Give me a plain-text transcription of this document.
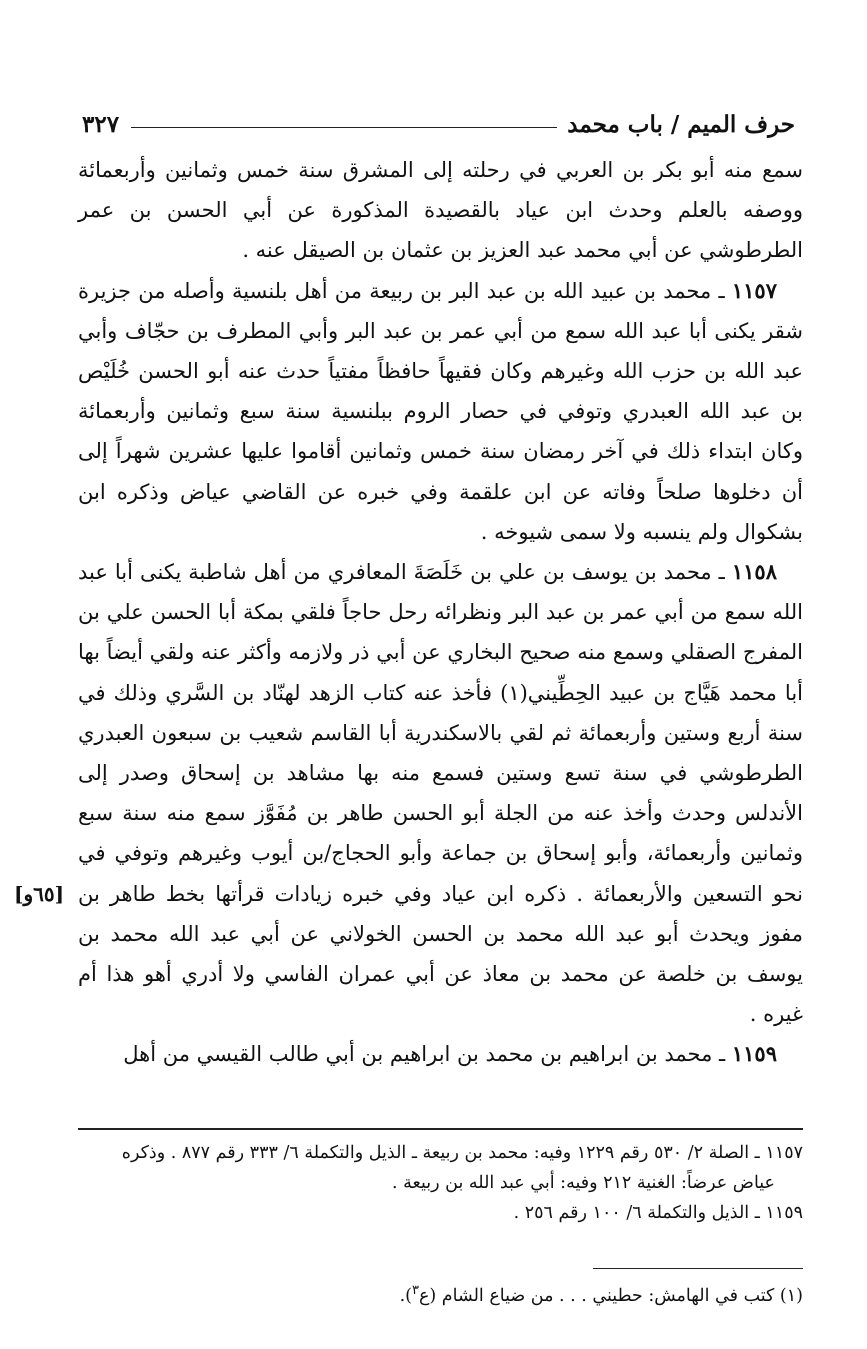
حرف الميم / باب محمد
٣٢٧

سمع منه أبو بكر بن العربي في رحلته إلى المشرق سنة خمس وثمانين وأربعمائة ووصفه بالعلم وحدث ابن عياد بالقصيدة المذكورة عن أبي الحسن بن عمر الطرطوشي عن أبي محمد عبد العزيز بن عثمان بن الصيقل عنه .

١١٥٧ ـ محمد بن عبيد الله بن عبد البر بن ربيعة من أهل بلنسية وأصله من جزيرة شقر يكنى أبا عبد الله سمع من أبي عمر بن عبد البر وأبي المطرف بن حجّاف وأبي عبد الله بن حزب الله وغيرهم وكان فقيهاً حافظاً مفتياً حدث عنه أبو الحسن خُلَيْص بن عبد الله العبدري وتوفي في حصار الروم ببلنسية سنة سبع وثمانين وأربعمائة وكان ابتداء ذلك في آخر رمضان سنة خمس وثمانين أقاموا عليها عشرين شهراً إلى أن دخلوها صلحاً وفاته عن ابن علقمة وفي خبره عن القاضي عياض وذكره ابن بشكوال ولم ينسبه ولا سمى شيوخه .

١١٥٨ ـ محمد بن يوسف بن علي بن خَلَصَةَ المعافري من أهل شاطبة يكنى أبا عبد الله سمع من أبي عمر بن عبد البر ونظرائه رحل حاجاً فلقي بمكة أبا الحسن علي بن المفرج الصقلي وسمع منه صحيح البخاري عن أبي ذر ولازمه وأكثر عنه ولقي أيضاً بها أبا محمد هَيَّاج بن عبيد الحِطِّيني(١) فأخذ عنه كتاب الزهد لهنّاد بن السَّري وذلك في سنة أربع وستين وأربعمائة ثم لقي بالاسكندرية أبا القاسم شعيب بن سبعون العبدري الطرطوشي في سنة تسع وستين فسمع منه بها مشاهد بن إسحاق وصدر إلى الأندلس وحدث وأخذ عنه من الجلة أبو الحسن طاهر بن مُفَوَّز سمع منه سنة سبع وثمانين وأربعمائة، وأبو إسحاق بن جماعة وأبو الحجاج/بن أيوب وغيرهم وتوفي في نحو التسعين والأربعمائة . ذكره ابن عياد وفي خبره زيادات قرأتها بخط طاهر بن مفوز ويحدث أبو عبد الله محمد بن الحسن الخولاني عن أبي عبد الله محمد بن يوسف بن خلصة عن محمد بن معاذ عن أبي عمران الفاسي ولا أدري أهو هذا أم غيره .

١١٥٩ ـ محمد بن ابراهيم بن محمد بن ابراهيم بن أبي طالب القيسي من أهل

[٦٥و]

١١٥٧ ـ الصلة ٢/ ٥٣٠ رقم ١٢٢٩ وفيه: محمد بن ربيعة ـ الذيل والتكملة ٦/ ٣٣٣ رقم ٨٧٧ . وذكره

عياض عرضاً: الغنية ٢١٢ وفيه: أبي عبد الله بن ربيعة .

١١٥٩ ـ الذيل والتكملة ٦/ ١٠٠ رقم ٢٥٦ .

(١) كتب في الهامش: حطيني . . . من ضياع الشام (ع$^٣$).
